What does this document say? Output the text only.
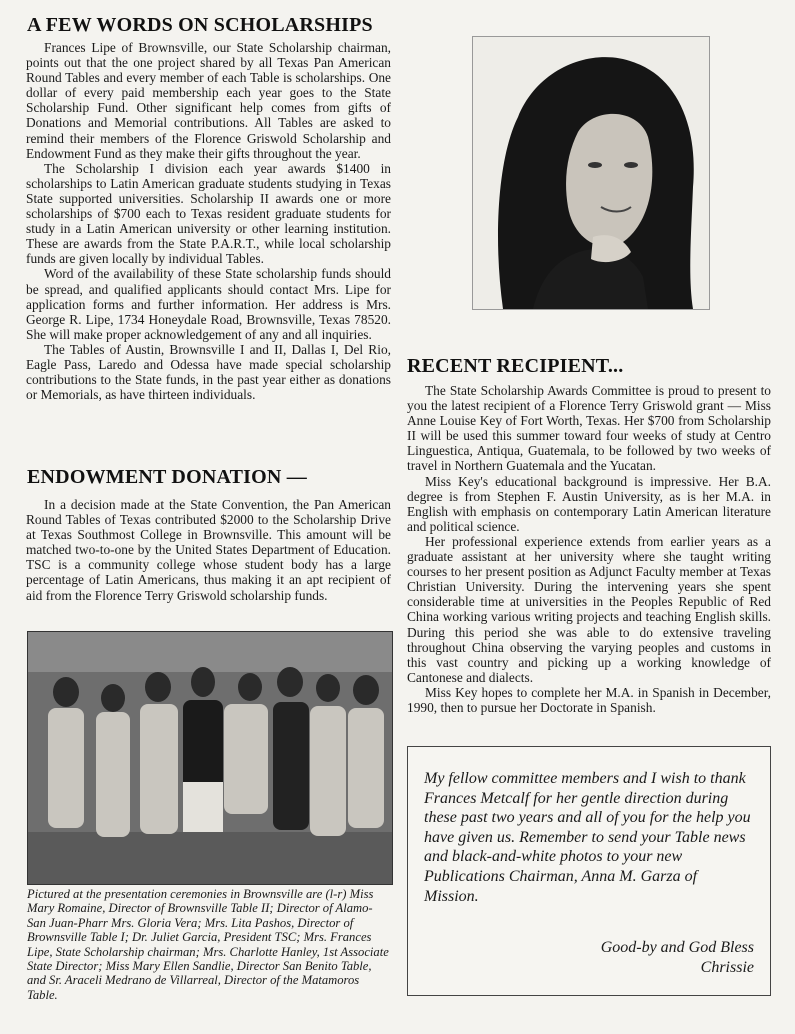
A FEW WORDS ON SCHOLARSHIPS

Frances Lipe of Brownsville, our State Scholarship chairman, points out that the one project shared by all Texas Pan American Round Tables and every member of each Table is scholarships. One dollar of every paid membership each year goes to the State Scholarship Fund. Other significant help comes from gifts of Donations and Memorial contributions. All Tables are asked to remind their members of the Florence Griswold Scholarship and Endowment Fund as they make their gifts throughout the year.

The Scholarship I division each year awards $1400 in scholarships to Latin American graduate students studying in Texas State supported universities. Scholarship II awards one or more scholarships of $700 each to Texas resident graduate students for study in a Latin American university or other learning institution. These are awards from the State P.A.R.T., while local scholarship funds are given locally by individual Tables.

Word of the availability of these State scholarship funds should be spread, and qualified applicants should contact Mrs. Lipe for application forms and further information. Her address is Mrs. George R. Lipe, 1734 Honeydale Road, Brownsville, Texas 78520. She will make proper acknowledgement of any and all inquiries.

The Tables of Austin, Brownsville I and II, Dallas I, Del Rio, Eagle Pass, Laredo and Odessa have made special scholarship contributions to the State funds, in the past year either as donations or Memorials, as have thirteen individuals.

ENDOWMENT DONATION —

In a decision made at the State Convention, the Pan American Round Tables of Texas contributed $2000 to the Scholarship Drive at Texas Southmost College in Brownsville. This amount will be matched two-to-one by the United States Department of Education. TSC is a community college whose student body has a large percentage of Latin Americans, thus making it an apt recipient of aid from the Florence Terry Griswold scholarship funds.

RECENT RECIPIENT...

The State Scholarship Awards Committee is proud to present to you the latest recipient of a Florence Terry Griswold grant — Miss Anne Louise Key of Fort Worth, Texas. Her $700 from Scholarship II will be used this summer toward four weeks of study at Centro Linguestica, Antiqua, Guatemala, to be followed by two weeks of travel in Northern Guatemala and the Yucatan.

Miss Key's educational background is impressive. Her B.A. degree is from Stephen F. Austin University, as is her M.A. in English with emphasis on contemporary Latin American literature and political science.

Her professional experience extends from earlier years as a graduate assistant at her university where she taught writing courses to her present position as Adjunct Faculty member at Texas Christian University. During the intervening years she spent considerable time at universities in the Peoples Republic of Red China working various writing projects and teaching English skills. During this period she was able to do extensive traveling throughout China observing the varying peoples and customs in this vast country and picking up a working knowledge of Cantonese and dialects.

Miss Key hopes to complete her M.A. in Spanish in December, 1990, then to pursue her Doctorate in Spanish.

Pictured at the presentation ceremonies in Brownsville are (l-r) Miss Mary Romaine, Director of Brownsville Table II; Director of Alamo-San Juan-Pharr Mrs. Gloria Vera; Mrs. Lita Pashos, Director of Brownsville Table I; Dr. Juliet Garcia, President TSC; Mrs. Frances Lipe, State Scholarship chairman; Mrs. Charlotte Hanley, 1st Associate State Director; Miss Mary Ellen Sandlie, Director San Benito Table, and Sr. Araceli Medrano de Villarreal, Director of the Matamoros Table.

My fellow committee members and I wish to thank Frances Metcalf for her gentle direction during these past two years and all of you for the help you have given us. Remember to send your Table news and black-and-white photos to your new Publications Chairman, Anna M. Garza of Mission.

Good-by and God Bless

Chrissie
